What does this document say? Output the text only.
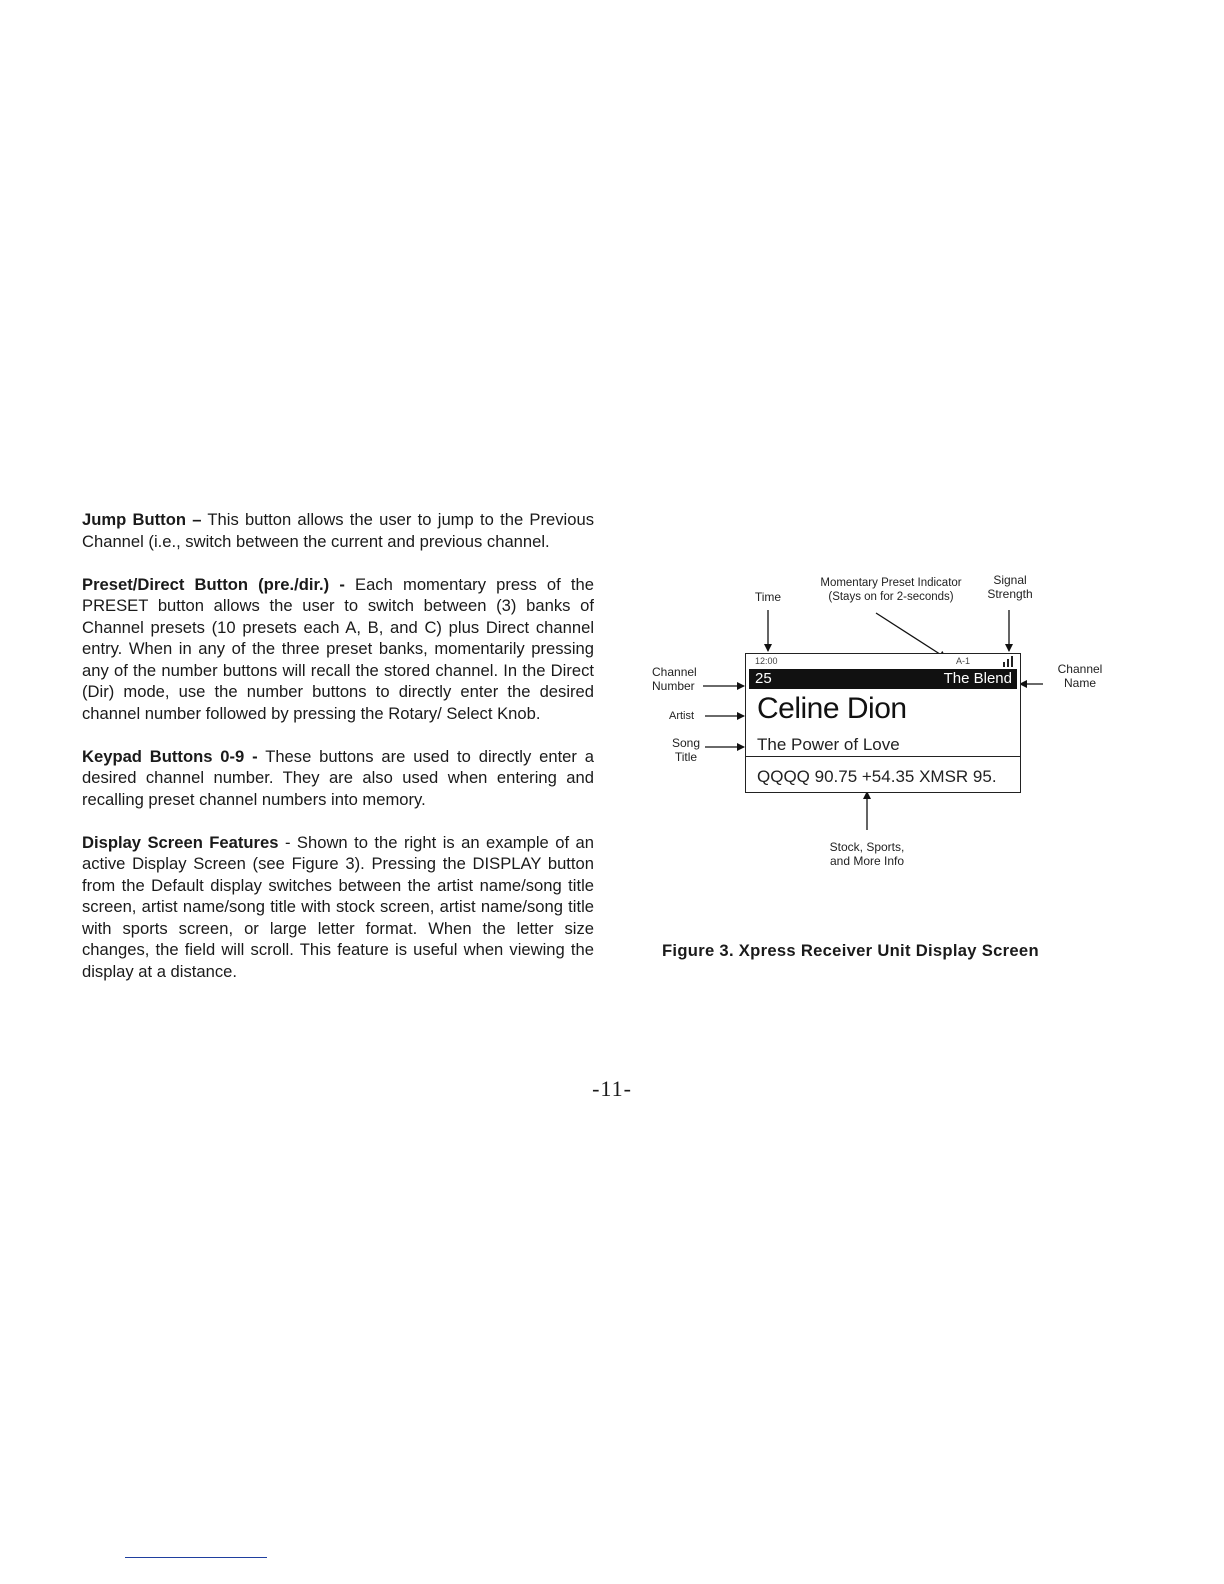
Jump Button – This button allows the user to jump to the Previous Channel (i.e., switch between the current and previous channel.

Preset/Direct Button (pre./dir.) - Each momentary press of the PRESET button allows the user to switch between (3) banks of Channel presets (10 presets each A, B, and C) plus Direct channel entry. When in any of the three preset banks, momentarily pressing any of the number buttons will recall the stored channel. In the Direct (Dir) mode, use the number buttons to directly enter the desired channel number followed by pressing the Rotary/ Select Knob.

Keypad Buttons 0-9 - These buttons are used to directly enter a desired channel number. They are also used when entering and recalling preset channel numbers into memory.

Display Screen Features - Shown to the right is an example of an active Display Screen (see Figure 3). Pressing the DISPLAY button from the Default display switches between the artist name/song title screen, artist name/song title with stock screen, artist name/song title with sports screen, or large letter format. When the letter size changes, the field will scroll. This feature is useful when viewing the display at a distance.

Time
Momentary Preset Indicator
(Stays on for 2-seconds)
Signal
Strength
Channel
Number
Channel
Name
Artist
Song
Title
Stock, Sports,
and More Info
12:00	A-1
25	The Blend
Celine Dion
The Power of Love
QQQQ 90.75 +54.35 XMSR 95.
Figure 3. Xpress Receiver Unit Display Screen
-11-
